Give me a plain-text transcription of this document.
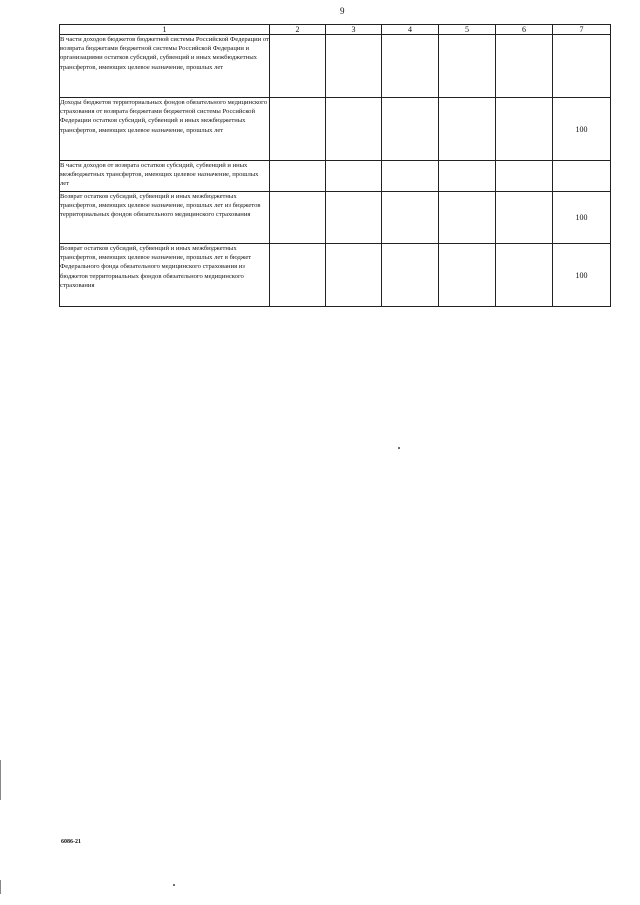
9
1	2	3	4	5	6	7
В части доходов бюджетов бюджетной системы Российской Федерации от возврата бюджетами бюджетной системы Российской Федерации и организациями остатков субсидий, субвенций и иных межбюджетных трансфертов, имеющих целевое назначение, прошлых лет						
Доходы бюджетов территориальных фондов обязательного медицинского страхования от возврата бюджетами бюджетной системы Российской Федерации остатков субсидий, субвенций и иных межбюджетных трансфертов, имеющих целевое назначение, прошлых лет						100
В части доходов от возврата остатков субсидий, субвенций и иных межбюджетных трансфертов, имеющих целевое назначение, прошлых лет						
Возврат остатков субсидий, субвенций и иных межбюджетных трансфертов, имеющих целевое назначение, прошлых лет из бюджетов территориальных фондов обязательного медицинского страхования						100
Возврат остатков субсидий, субвенций и иных межбюджетных трансфертов, имеющих целевое назначение, прошлых лет в бюджет Федерального фонда обязательного медицинского страхования из бюджетов территориальных фондов обязательного медицинского страхования						100
6086-21
